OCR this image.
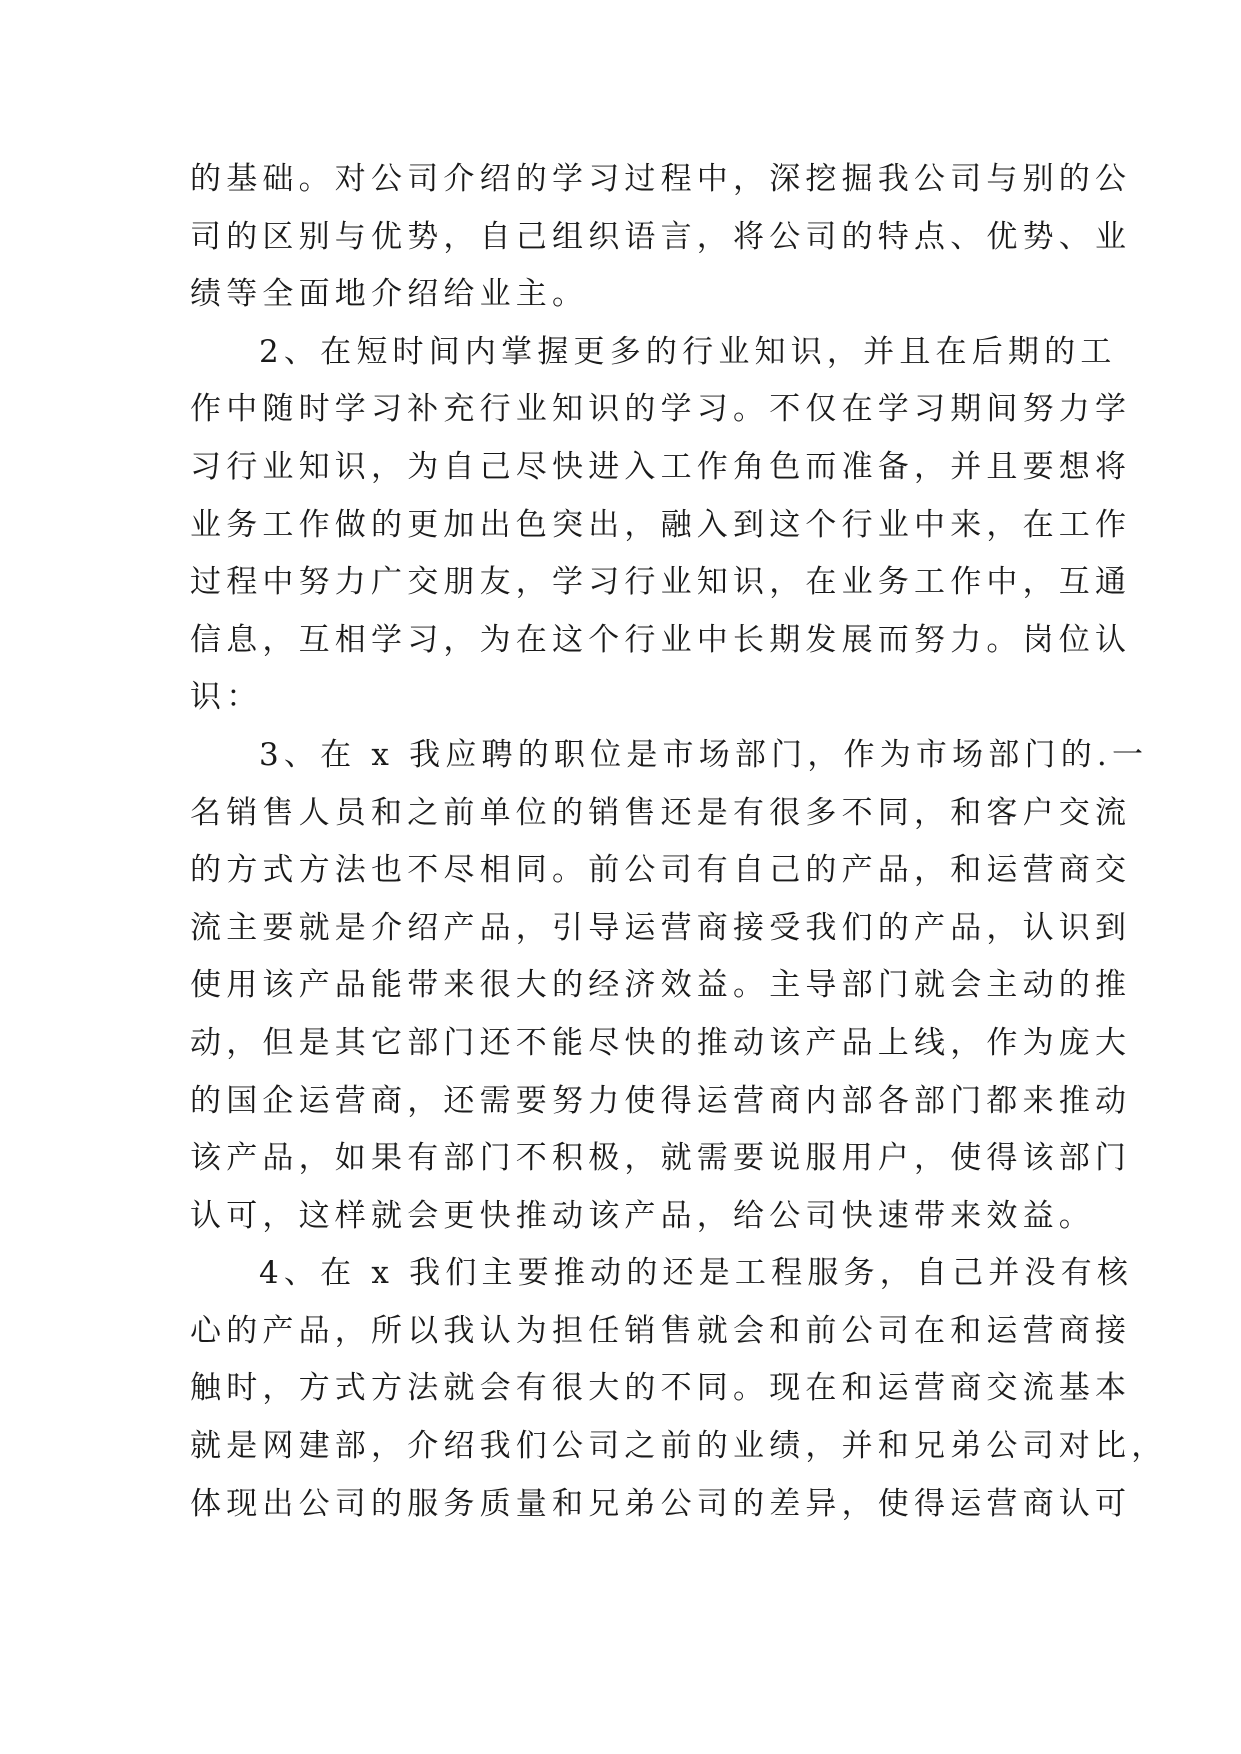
的基础。对公司介绍的学习过程中，深挖掘我公司与别的公
司的区别与优势，自己组织语言，将公司的特点、优势、业
绩等全面地介绍给业主。
2、在短时间内掌握更多的行业知识，并且在后期的工
作中随时学习补充行业知识的学习。不仅在学习期间努力学
习行业知识，为自己尽快进入工作角色而准备，并且要想将
业务工作做的更加出色突出，融入到这个行业中来，在工作
过程中努力广交朋友，学习行业知识，在业务工作中，互通
信息，互相学习，为在这个行业中长期发展而努力。岗位认
识：
3、在 x 我应聘的职位是市场部门，作为市场部门的.一
名销售人员和之前单位的销售还是有很多不同，和客户交流
的方式方法也不尽相同。前公司有自己的产品，和运营商交
流主要就是介绍产品，引导运营商接受我们的产品，认识到
使用该产品能带来很大的经济效益。主导部门就会主动的推
动，但是其它部门还不能尽快的推动该产品上线，作为庞大
的国企运营商，还需要努力使得运营商内部各部门都来推动
该产品，如果有部门不积极，就需要说服用户，使得该部门
认可，这样就会更快推动该产品，给公司快速带来效益。
4、在 x 我们主要推动的还是工程服务，自己并没有核
心的产品，所以我认为担任销售就会和前公司在和运营商接
触时，方式方法就会有很大的不同。现在和运营商交流基本
就是网建部，介绍我们公司之前的业绩，并和兄弟公司对比，
体现出公司的服务质量和兄弟公司的差异，使得运营商认可
